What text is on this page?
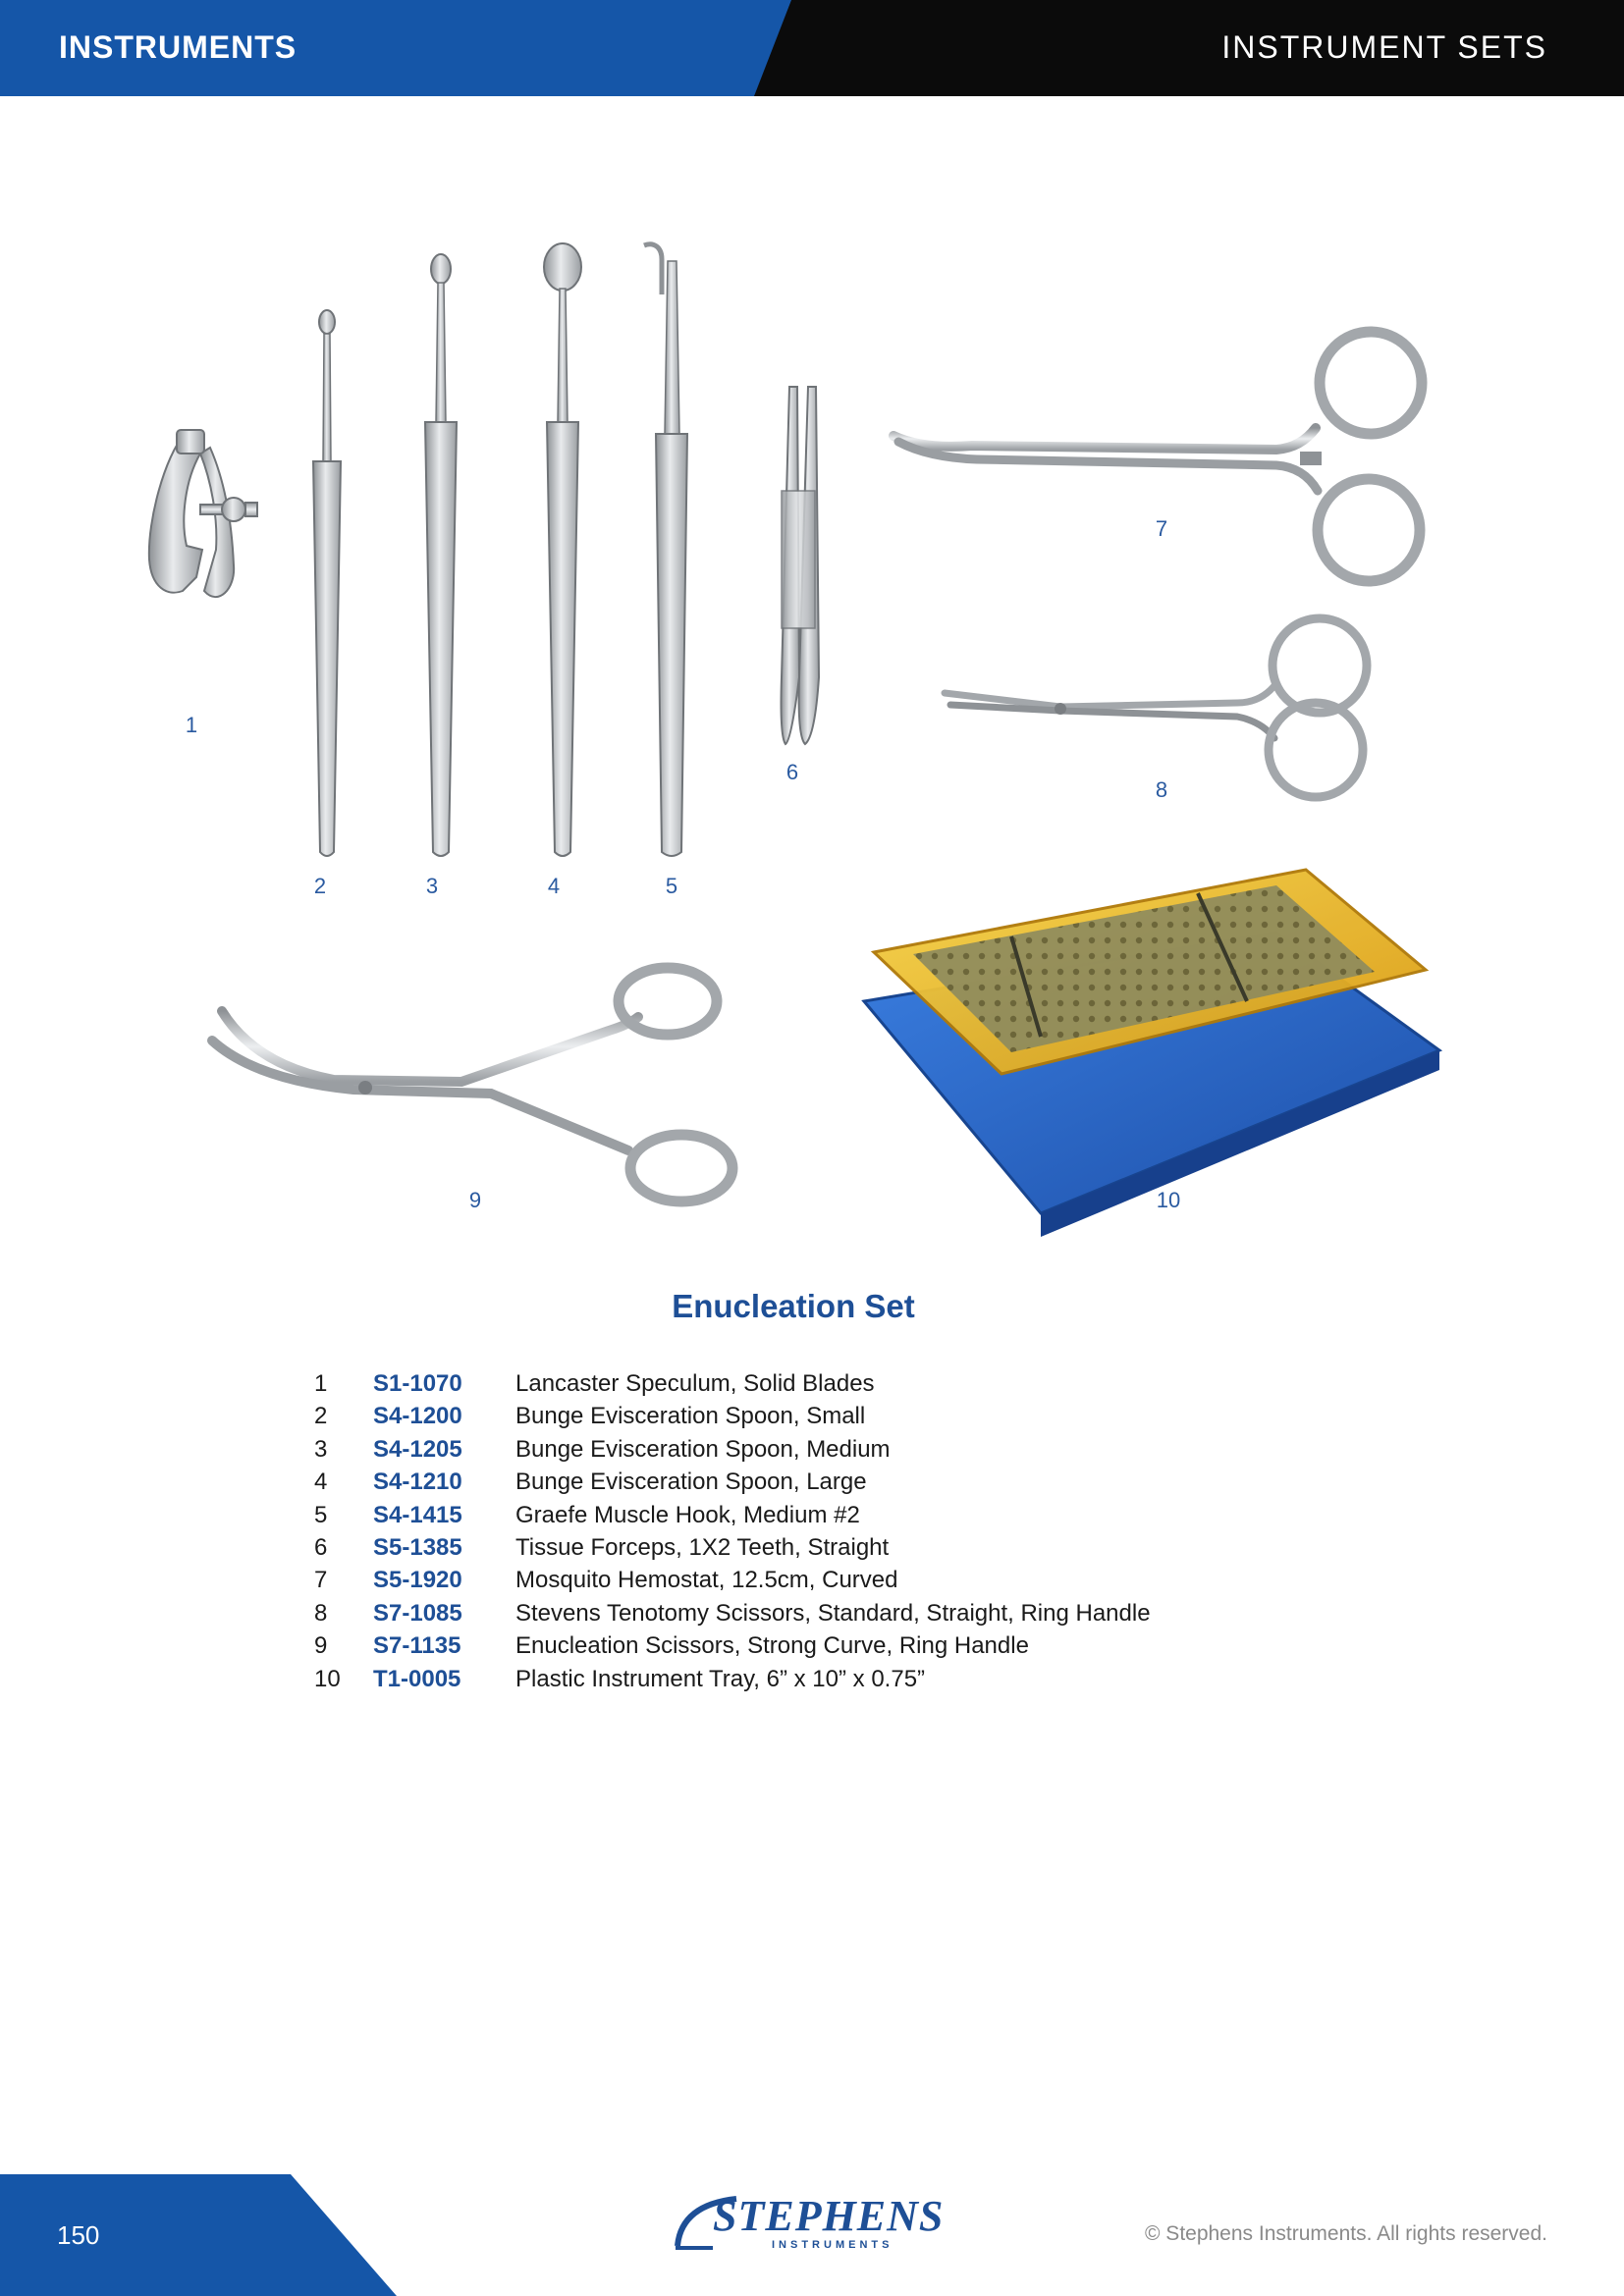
INSTRUMENTS	INSTRUMENT SETS
1
2	3	4	5
6
7
8
9	10
Enucleation Set
1 S1-1070 Lancaster Speculum, Solid Blades
2 S4-1200 Bunge Evisceration Spoon, Small
3 S4-1205 Bunge Evisceration Spoon, Medium
4 S4-1210 Bunge Evisceration Spoon, Large
5 S4-1415 Graefe Muscle Hook, Medium #2
6 S5-1385 Tissue Forceps, 1X2 Teeth, Straight
7 S5-1920 Mosquito Hemostat, 12.5cm, Curved
8 S7-1085 Stevens Tenotomy Scissors, Standard, Straight, Ring Handle
9 S7-1135 Enucleation Scissors, Strong Curve, Ring Handle
10 T1-0005 Plastic Instrument Tray, 6” x 10” x 0.75”
150	STEPHENS
INSTRUMENTS	© Stephens Instruments. All rights reserved.
